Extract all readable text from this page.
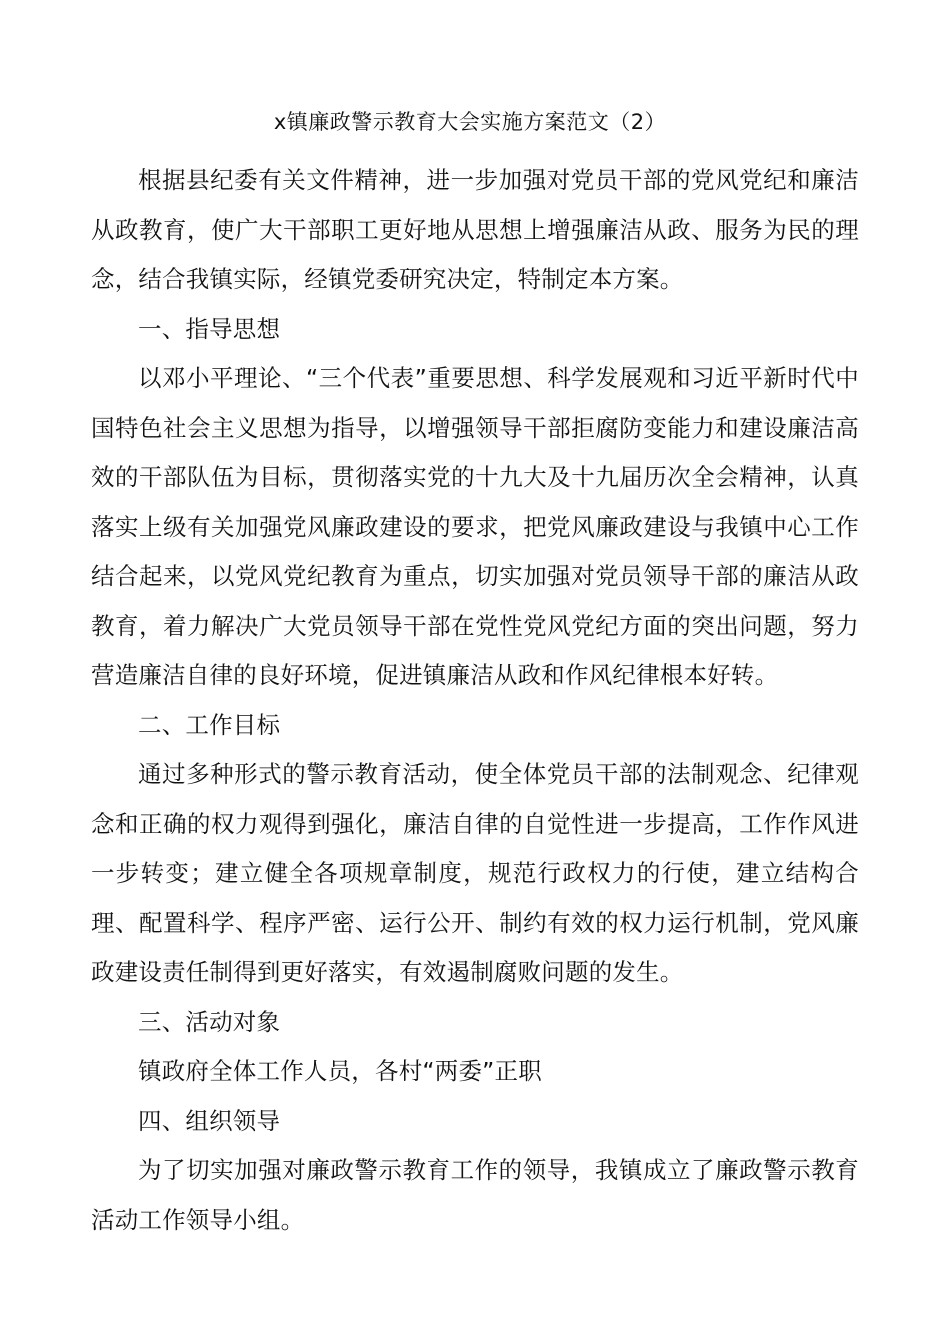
x镇廉政警示教育大会实施方案范文（2）

根据县纪委有关文件精神，进一步加强对党员干部的党风党纪和廉洁从政教育，使广大干部职工更好地从思想上增强廉洁从政、服务为民的理念，结合我镇实际，经镇党委研究决定，特制定本方案。

一、指导思想

以邓小平理论、“三个代表”重要思想、科学发展观和习近平新时代中国特色社会主义思想为指导，以增强领导干部拒腐防变能力和建设廉洁高效的干部队伍为目标，贯彻落实党的十九大及十九届历次全会精神，认真落实上级有关加强党风廉政建设的要求，把党风廉政建设与我镇中心工作结合起来，以党风党纪教育为重点，切实加强对党员领导干部的廉洁从政教育，着力解决广大党员领导干部在党性党风党纪方面的突出问题，努力营造廉洁自律的良好环境，促进镇廉洁从政和作风纪律根本好转。

二、工作目标

通过多种形式的警示教育活动，使全体党员干部的法制观念、纪律观念和正确的权力观得到强化，廉洁自律的自觉性进一步提高，工作作风进一步转变；建立健全各项规章制度，规范行政权力的行使，建立结构合理、配置科学、程序严密、运行公开、制约有效的权力运行机制，党风廉政建设责任制得到更好落实，有效遏制腐败问题的发生。

三、活动对象

镇政府全体工作人员，各村“两委”正职

四、组织领导

为了切实加强对廉政警示教育工作的领导，我镇成立了廉政警示教育活动工作领导小组。
